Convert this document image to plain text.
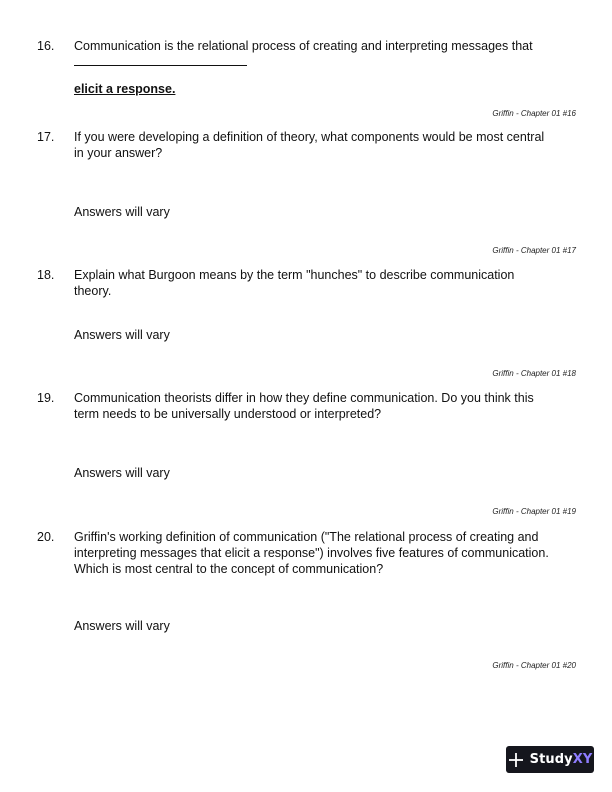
16. Communication is the relational process of creating and interpreting messages that
elicit a response.
Griffin - Chapter 01 #16
17. If you were developing a definition of theory, what components would be most central in your answer?
Answers will vary
Griffin - Chapter 01 #17
18. Explain what Burgoon means by the term "hunches" to describe communication theory.
Answers will vary
Griffin - Chapter 01 #18
19. Communication theorists differ in how they define communication. Do you think this term needs to be universally understood or interpreted?
Answers will vary
Griffin - Chapter 01 #19
20. Griffin's working definition of communication ("The relational process of creating and interpreting messages that elicit a response") involves five features of communication. Which is most central to the concept of communication?
Answers will vary
Griffin - Chapter 01 #20
StudyXY
